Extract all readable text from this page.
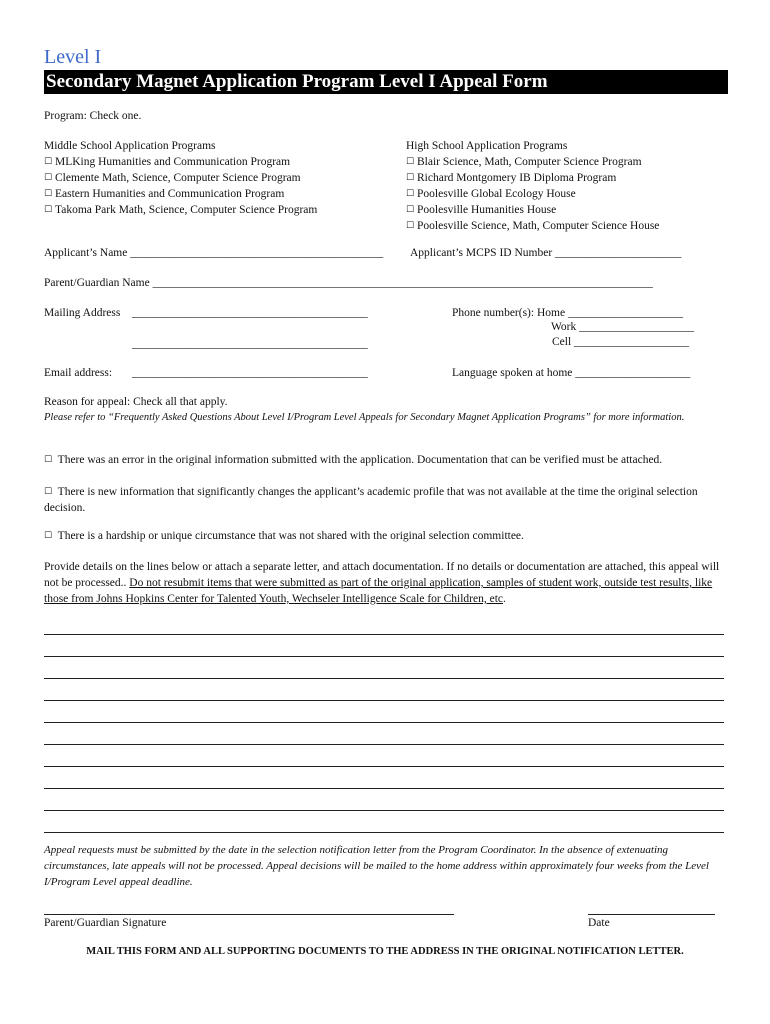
Level I
Secondary Magnet Application Program Level I Appeal Form
Program: Check one.
Middle School Application Programs
☐ MLKing Humanities and Communication Program
☐ Clemente Math, Science, Computer Science Program
☐ Eastern Humanities and Communication Program
☐ Takoma Park Math, Science, Computer Science Program
High School Application Programs
☐ Blair Science, Math, Computer Science Program
☐ Richard Montgomery IB Diploma Program
☐ Poolesville Global Ecology House
☐ Poolesville Humanities House
☐ Poolesville Science, Math, Computer Science House
Applicant’s Name ____________________________________________ Applicant’s MCPS ID Number ______________________
Parent/Guardian Name _______________________________________________________________________________________
Mailing Address _________________________________________
_________________________________________
Phone number(s): Home ____________________
Work ____________________
Cell ____________________
Email address: _________________________________________	Language spoken at home ____________________
Reason for appeal: Check all that apply.
Please refer to “Frequently Asked Questions About Level I/Program Level Appeals for Secondary Magnet Application Programs” for more information.
☐ There was an error in the original information submitted with the application. Documentation that can be verified must be attached.
☐ There is new information that significantly changes the applicant’s academic profile that was not available at the time the original selection decision.
☐ There is a hardship or unique circumstance that was not shared with the original selection committee.
Provide details on the lines below or attach a separate letter, and attach documentation. If no details or documentation are attached, this appeal will not be processed.. Do not resubmit items that were submitted as part of the original application, samples of student work, outside test results, like those from Johns Hopkins Center for Talented Youth, Wechseler Intelligence Scale for Children, etc.
Appeal requests must be submitted by the date in the selection notification letter from the Program Coordinator. In the absence of extenuating circumstances, late appeals will not be processed. Appeal decisions will be mailed to the home address within approximately four weeks from the Level I/Program Level appeal deadline.
Parent/Guardian Signature	Date
MAIL THIS FORM AND ALL SUPPORTING DOCUMENTS TO THE ADDRESS IN THE ORIGINAL NOTIFICATION LETTER.
